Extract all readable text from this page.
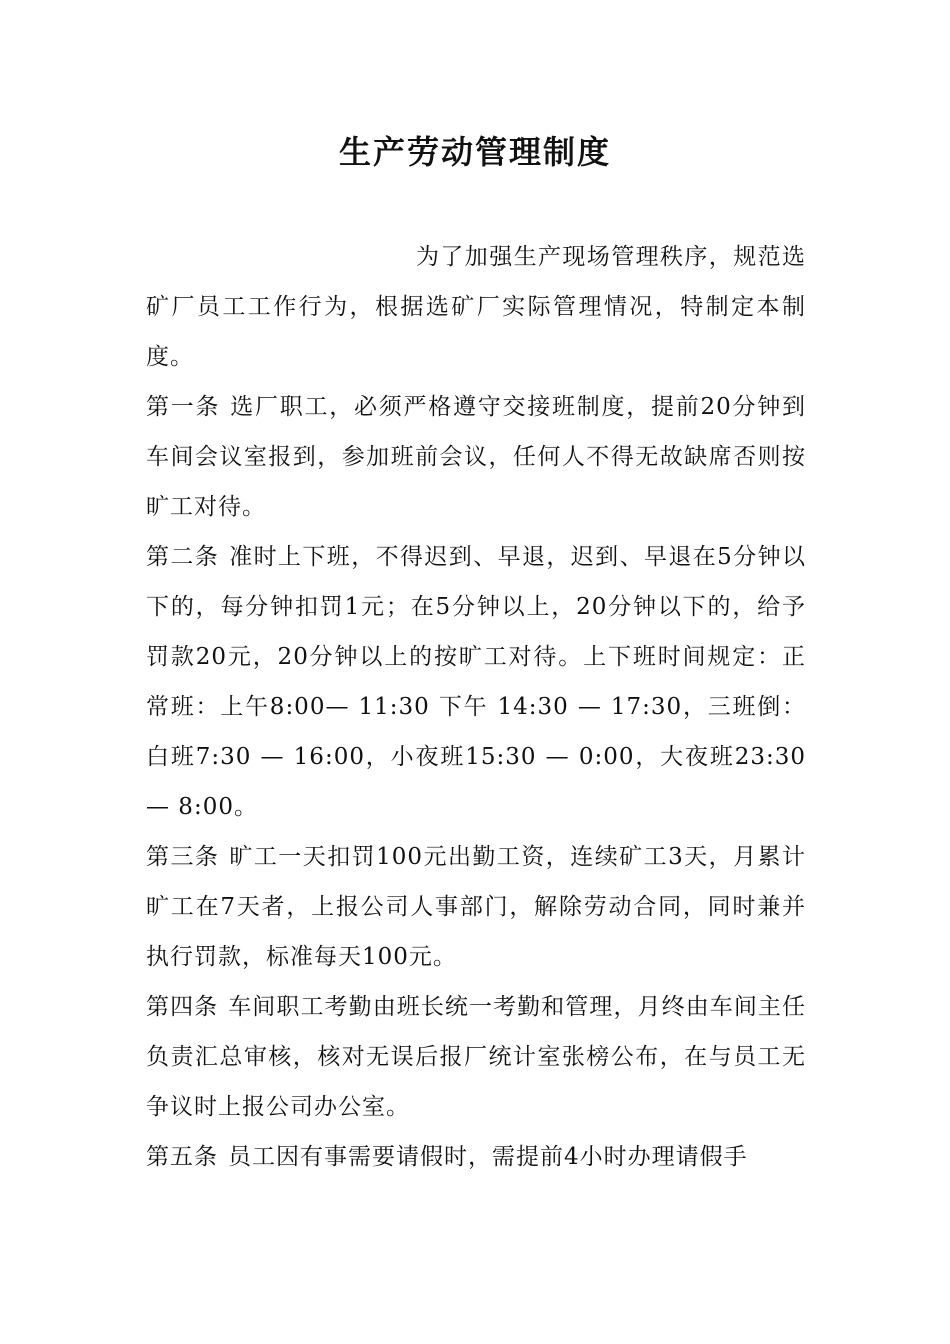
生产劳动管理制度

为了加强生产现场管理秩序，规范选矿厂员工工作行为，根据选矿厂实际管理情况，特制定本制度。

第一条 选厂职工，必须严格遵守交接班制度，提前20分钟到车间会议室报到，参加班前会议，任何人不得无故缺席否则按旷工对待。

第二条 准时上下班，不得迟到、早退，迟到、早退在5分钟以下的，每分钟扣罚1元；在5分钟以上，20分钟以下的，给予罚款20元，20分钟以上的按旷工对待。上下班时间规定：正常班：上午8:00— 11:30 下午 14:30 — 17:30，三班倒：白班7:30 — 16:00，小夜班15:30 — 0:00，大夜班23:30 — 8:00。

第三条 旷工一天扣罚100元出勤工资，连续矿工3天，月累计旷工在7天者，上报公司人事部门，解除劳动合同，同时兼并执行罚款，标准每天100元。

第四条 车间职工考勤由班长统一考勤和管理，月终由车间主任负责汇总审核，核对无误后报厂统计室张榜公布，在与员工无争议时上报公司办公室。

第五条 员工因有事需要请假时，需提前4小时办理请假手
